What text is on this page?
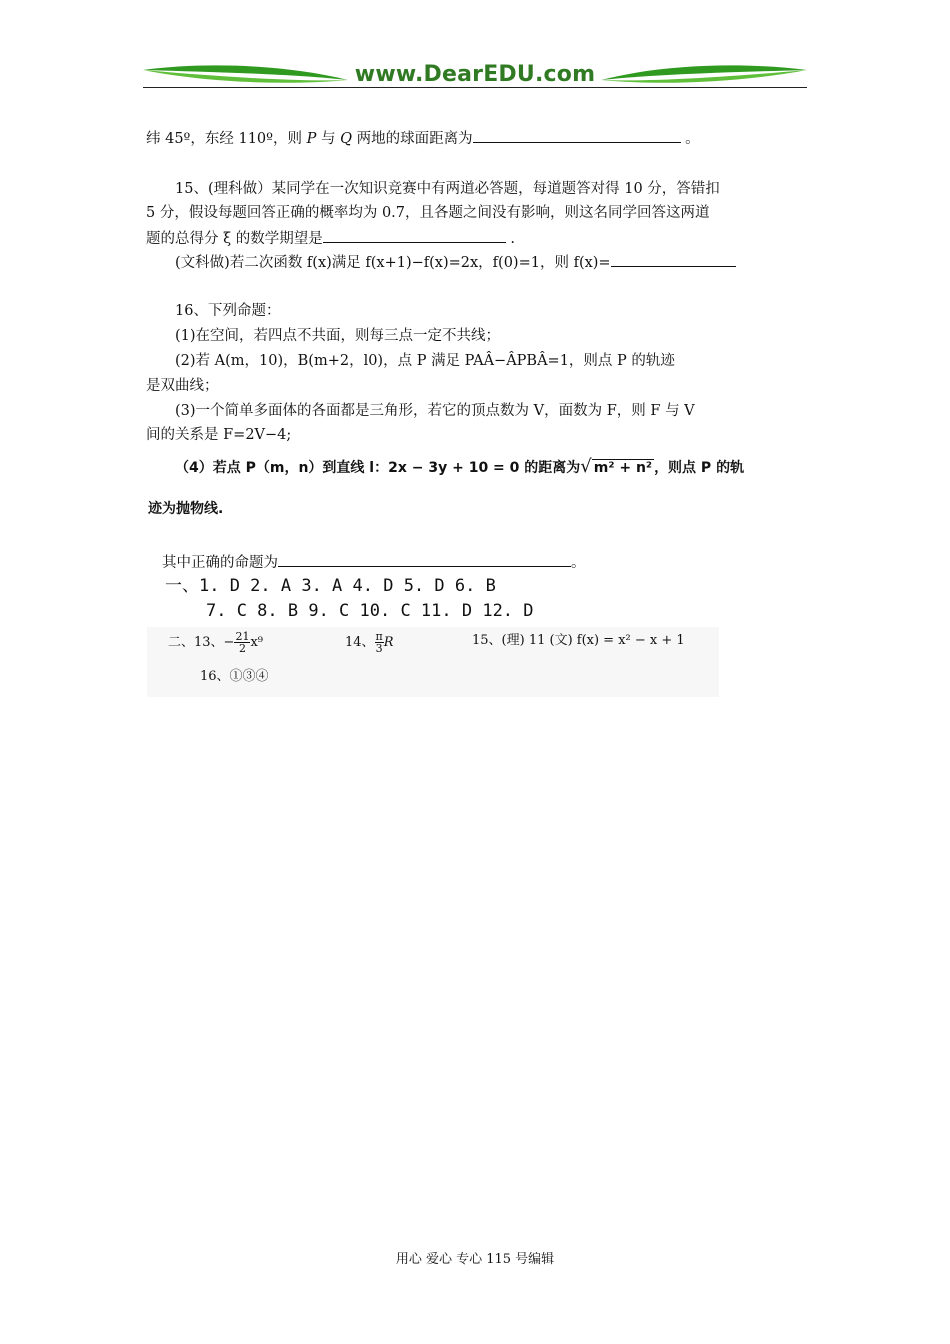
www.DearEDU.com
纬 45º，东经 110º，则 P 与 Q 两地的球面距离为	。
15、(理科做）某同学在一次知识竞赛中有两道必答题，每道题答对得 10 分，答错扣
5 分，假设每题回答正确的概率均为 0.7，且各题之间没有影响，则这名同学回答这两道
题的总得分 ξ 的数学期望是	.
(文科做)若二次函数 f(x)满足 f(x+1)−f(x)=2x，f(0)=1，则 f(x)=
16、下列命题：
(1)在空间，若四点不共面，则每三点一定不共线；
(2)若 A(m，10)，B(m+2，l0)，点 P 满足 PAÂ−ÂPBÂ=1，则点 P 的轨迹
是双曲线；
(3)一个简单多面体的各面都是三角形，若它的顶点数为 V，面数为 F，则 F 与 V
间的关系是 F=2V−4;
（4）若点 P（m，n）到直线 l：2x − 3y + 10 = 0 的距离为√ m² + n² ，则点 P 的轨
迹为抛物线.
其中正确的命题为	。
一、1. D 2. A 3. A 4. D 5. D 6. B
7. C 8. B 9. C 10. C 11. D 12. D
二、13、− $\frac{21}{2} x^9$	14、 $\frac{\pi}{3}$ R	15、(理) 11 (文) f(x) = x² − x + 1
16、①③④
用心 爱心 专心 115 号编辑
